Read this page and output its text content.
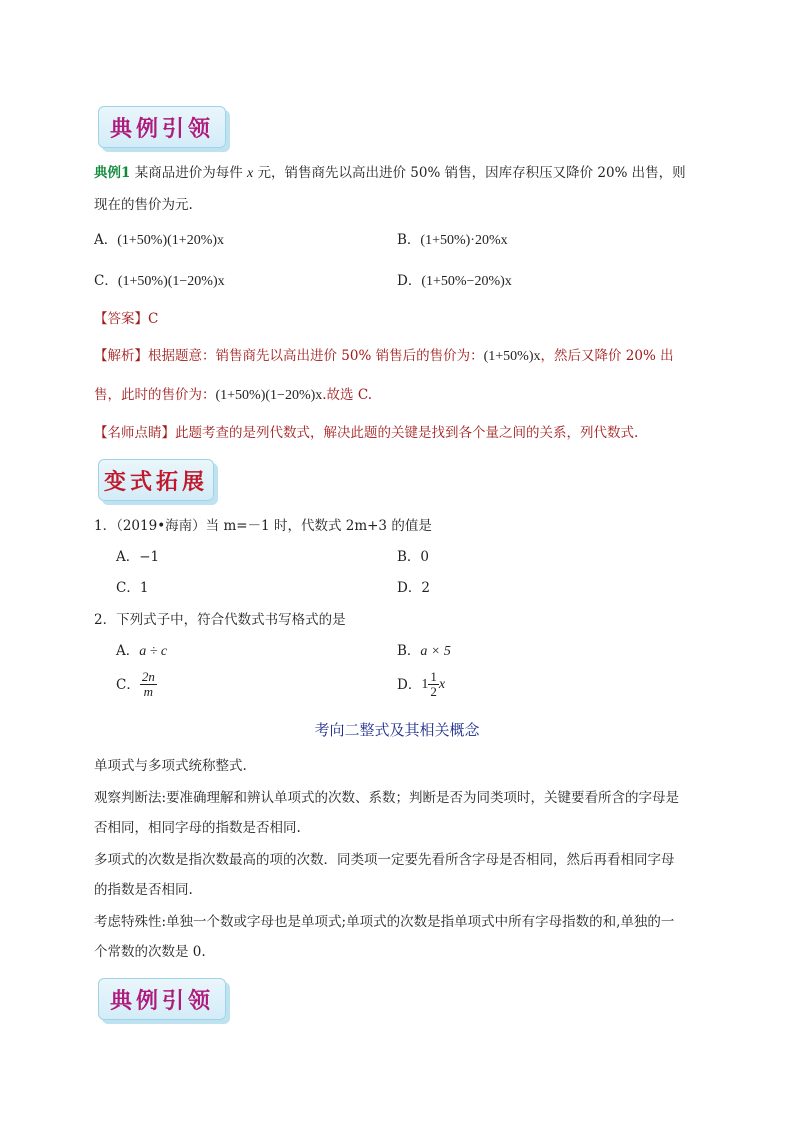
典例引领
典例1 某商品进价为每件 x 元，销售商先以高出进价 50% 销售，因库存积压又降价 20% 出售，则
现在的售价为元.
A．(1+50%)(1+20%)x	B．(1+50%)·20%x
C．(1+50%)(1−20%)x	D．(1+50%−20%)x
【答案】C
【解析】根据题意：销售商先以高出进价 50% 销售后的售价为：(1+50%)x，然后又降价 20% 出
售，此时的售价为：(1+50%)(1−20%)x.故选 C.
【名师点睛】此题考查的是列代数式，解决此题的关键是找到各个量之间的关系，列代数式.
变式拓展
1．（2019•海南）当 m=－1 时，代数式 2m+3 的值是
A．−1	B．0
C．1	D．2
2．下列式子中，符合代数式书写格式的是
A．a ÷ c	B．a × 5
C． $\frac{2n}{m}$	D． $1 \frac{1}{2}$ x
考向二整式及其相关概念
单项式与多项式统称整式.
观察判断法:要准确理解和辨认单项式的次数、系数；判断是否为同类项时，关键要看所含的字母是
否相同，相同字母的指数是否相同.
多项式的次数是指次数最高的项的次数．同类项一定要先看所含字母是否相同，然后再看相同字母
的指数是否相同.
考虑特殊性:单独一个数或字母也是单项式;单项式的次数是指单项式中所有字母指数的和,单独的一
个常数的次数是 0.
典例引领
